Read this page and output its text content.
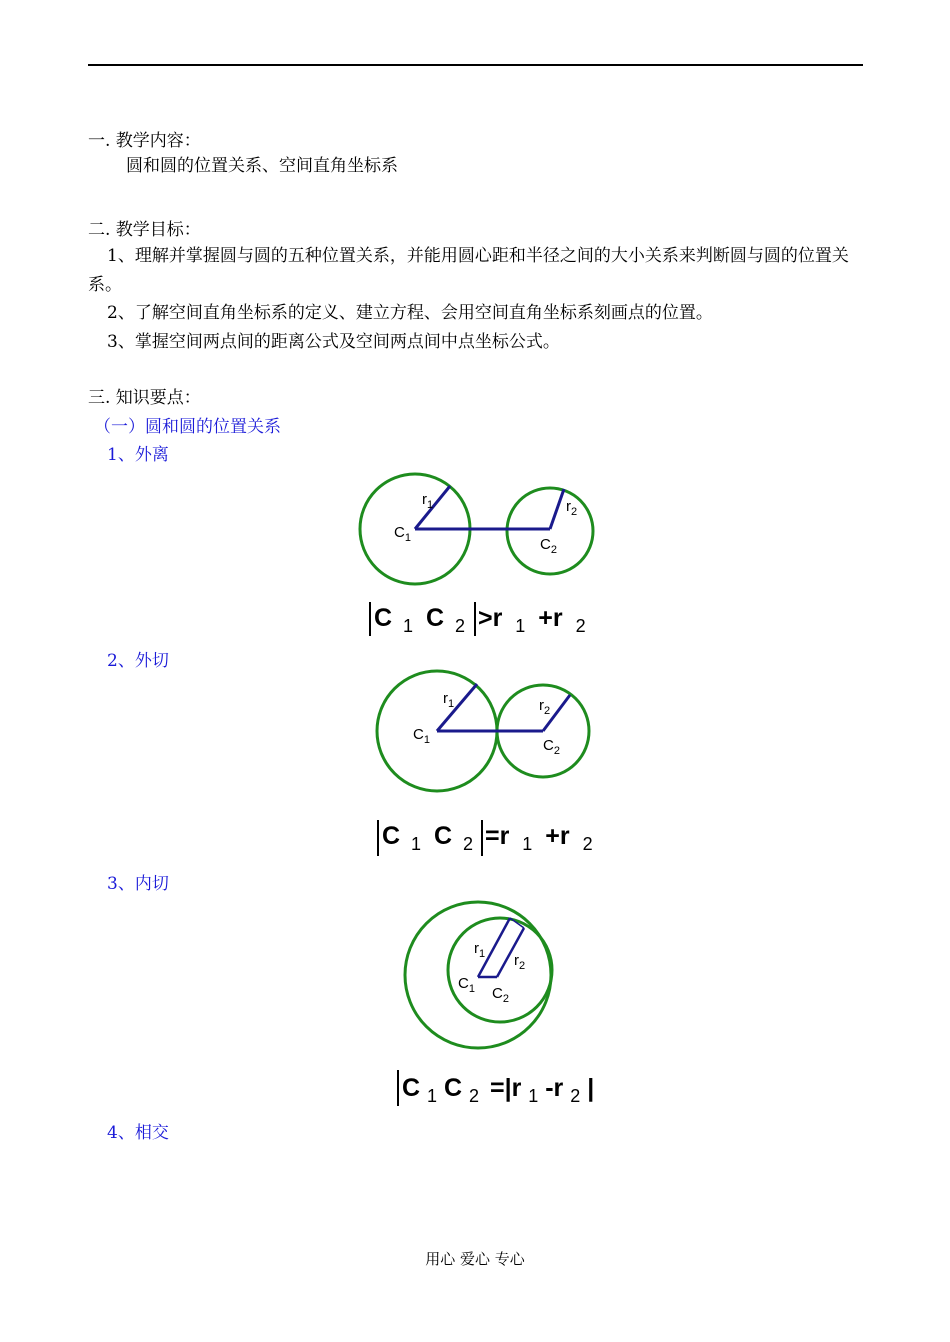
一. 教学内容：
圆和圆的位置关系、空间直角坐标系
二. 教学目标：
1、理解并掌握圆与圆的五种位置关系，并能用圆心距和半径之间的大小关系来判断圆与圆的位置关系。
2、了解空间直角坐标系的定义、建立方程、会用空间直角坐标系刻画点的位置。
3、掌握空间两点间的距离公式及空间两点间中点坐标公式。
三. 知识要点：
（一）圆和圆的位置关系
1、外离
$r_1$	$r_2$
$C_1$	$C_2$
C $_1$ C $_2$ >r $_1$ +r $_2$
2、外切
$r_1$	$r_2$
$C_1$	$C_2$
C $_1$ C $_2$ =r $_1$ +r $_2$
3、内切
$r_1$ $r_2$
$C_1$ $C_2$
C $_1$ C $_2$ =|r $_1$ -r $_2$ |
4、相交
用心 爱心 专心
